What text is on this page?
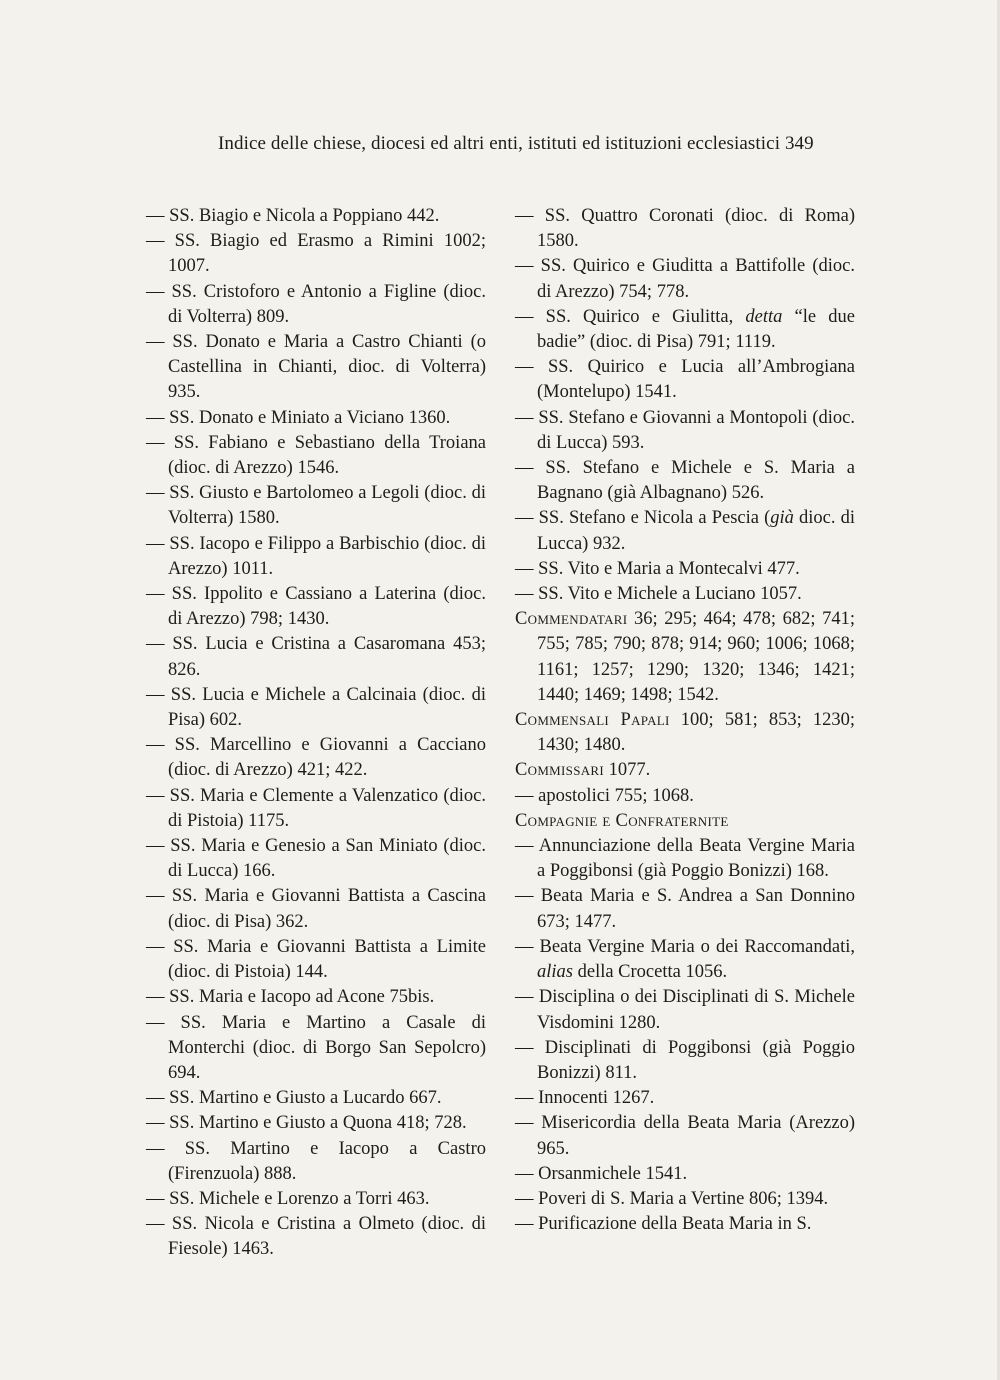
Indice delle chiese, diocesi ed altri enti, istituti ed istituzioni ecclesiastici 349

— SS. Biagio e Nicola a Poppiano 442.

— SS. Biagio ed Erasmo a Rimini 1002; 1007.

— SS. Cristoforo e Antonio a Figline (dioc. di Volterra) 809.

— SS. Donato e Maria a Castro Chianti (o Castellina in Chianti, dioc. di Volterra) 935.

— SS. Donato e Miniato a Viciano 1360.

— SS. Fabiano e Sebastiano della Troiana (dioc. di Arezzo) 1546.

— SS. Giusto e Bartolomeo a Legoli (dioc. di Volterra) 1580.

— SS. Iacopo e Filippo a Barbischio (dioc. di Arezzo) 1011.

— SS. Ippolito e Cassiano a Laterina (dioc. di Arezzo) 798; 1430.

— SS. Lucia e Cristina a Casaromana 453; 826.

— SS. Lucia e Michele a Calcinaia (dioc. di Pisa) 602.

— SS. Marcellino e Giovanni a Cacciano (dioc. di Arezzo) 421; 422.

— SS. Maria e Clemente a Valenzatico (dioc. di Pistoia) 1175.

— SS. Maria e Genesio a San Miniato (dioc. di Lucca) 166.

— SS. Maria e Giovanni Battista a Cascina (dioc. di Pisa) 362.

— SS. Maria e Giovanni Battista a Limite (dioc. di Pistoia) 144.

— SS. Maria e Iacopo ad Acone 75bis.

— SS. Maria e Martino a Casale di Monterchi (dioc. di Borgo San Sepolcro) 694.

— SS. Martino e Giusto a Lucardo 667.

— SS. Martino e Giusto a Quona 418; 728.

— SS. Martino e Iacopo a Castro (Firenzuola) 888.

— SS. Michele e Lorenzo a Torri 463.

— SS. Nicola e Cristina a Olmeto (dioc. di Fiesole) 1463.

— SS. Quattro Coronati (dioc. di Roma) 1580.

— SS. Quirico e Giuditta a Battifolle (dioc. di Arezzo) 754; 778.

— SS. Quirico e Giulitta, detta “le due badie” (dioc. di Pisa) 791; 1119.

— SS. Quirico e Lucia all’Ambrogiana (Montelupo) 1541.

— SS. Stefano e Giovanni a Montopoli (dioc. di Lucca) 593.

— SS. Stefano e Michele e S. Maria a Bagnano (già Albagnano) 526.

— SS. Stefano e Nicola a Pescia (già dioc. di Lucca) 932.

— SS. Vito e Maria a Montecalvi 477.

— SS. Vito e Michele a Luciano 1057.

Commendatari 36; 295; 464; 478; 682; 741; 755; 785; 790; 878; 914; 960; 1006; 1068; 1161; 1257; 1290; 1320; 1346; 1421; 1440; 1469; 1498; 1542.

Commensali Papali 100; 581; 853; 1230; 1430; 1480.

Commissari 1077.

— apostolici 755; 1068.

Compagnie e Confraternite

— Annunciazione della Beata Vergine Maria a Poggibonsi (già Poggio Bonizzi) 168.

— Beata Maria e S. Andrea a San Donnino 673; 1477.

— Beata Vergine Maria o dei Raccomandati, alias della Crocetta 1056.

— Disciplina o dei Disciplinati di S. Michele Visdomini 1280.

— Disciplinati di Poggibonsi (già Poggio Bonizzi) 811.

— Innocenti 1267.

— Misericordia della Beata Maria (Arezzo) 965.

— Orsanmichele 1541.

— Poveri di S. Maria a Vertine 806; 1394.

— Purificazione della Beata Maria in S.
